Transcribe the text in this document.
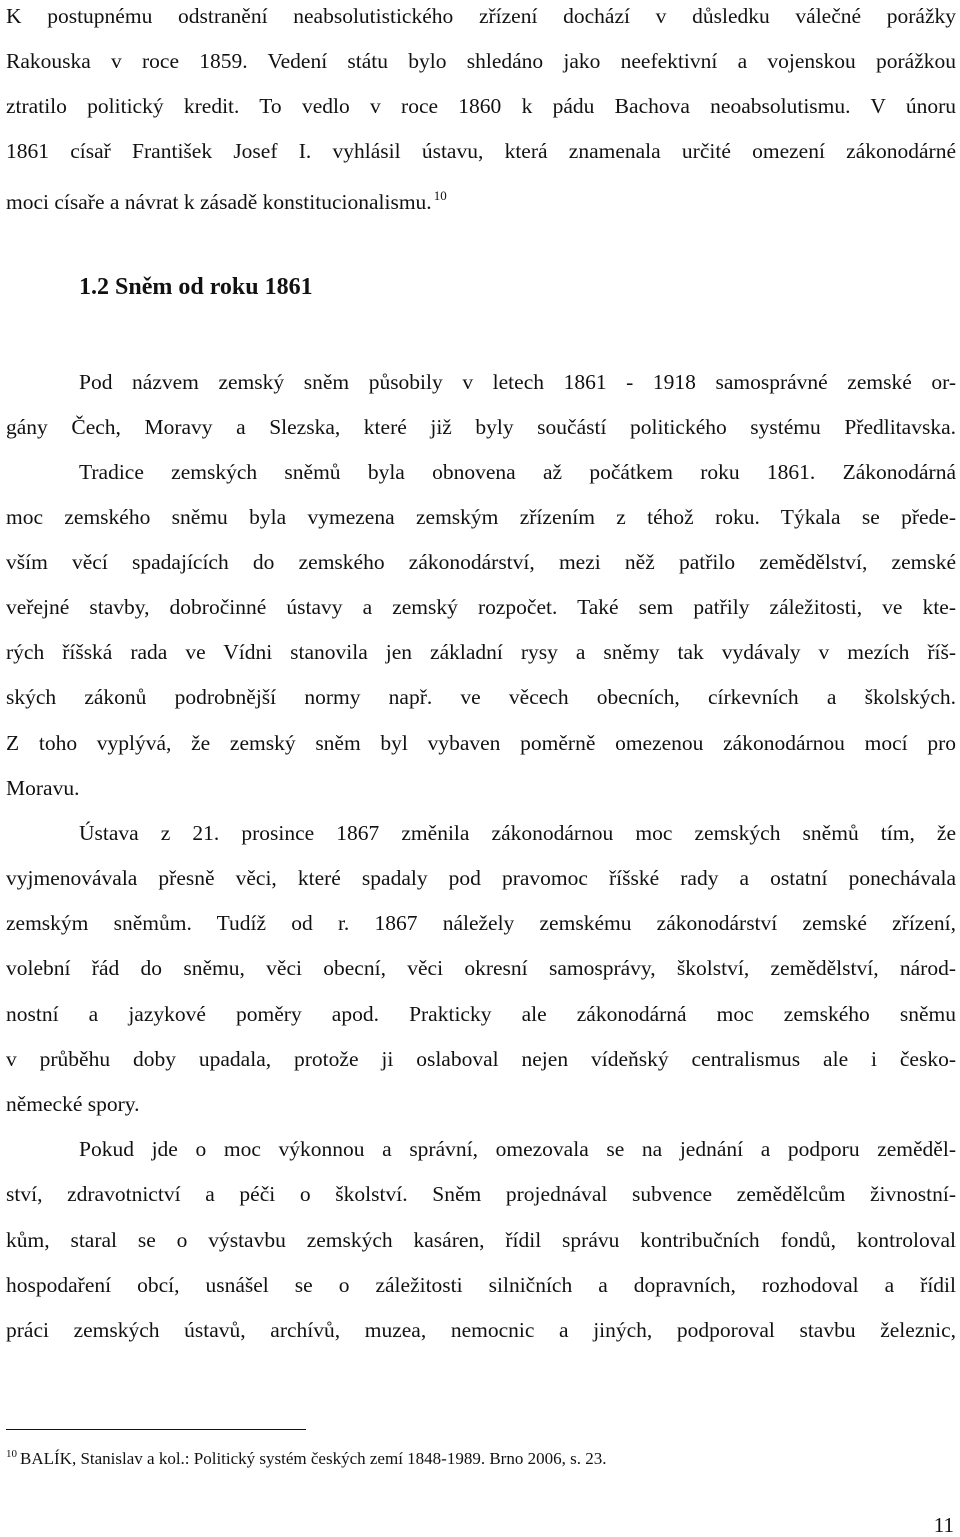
K postupnému odstranění neabsolutistického zřízení dochází v důsledku válečné porážky

Rakouska v roce 1859. Vedení státu bylo shledáno jako neefektivní a vojenskou porážkou

ztratilo politický kredit. To vedlo v roce 1860 k pádu Bachova neoabsolutismu. V únoru

1861 císař František Josef I. vyhlásil ústavu, která znamenala určité omezení zákonodárné

moci císaře a návrat k zásadě konstitucionalismu. $^{10}$

1.2 Sněm od roku 1861

Pod názvem zemský sněm působily v letech 1861 - 1918 samosprávné zemské or-

gány Čech, Moravy a Slezska, které již byly součástí politického systému Předlitavska.

Tradice zemských sněmů byla obnovena až počátkem roku 1861. Zákonodárná

moc zemského sněmu byla vymezena zemským zřízením z téhož roku. Týkala se přede-

vším věcí spadajících do zemského zákonodárství, mezi něž patřilo zemědělství, zemské

veřejné stavby, dobročinné ústavy a zemský rozpočet. Také sem patřily záležitosti, ve kte-

rých říšská rada ve Vídni stanovila jen základní rysy a sněmy tak vydávaly v mezích říš-

ských zákonů podrobnější normy např. ve věcech obecních, církevních a školských.

Z toho vyplývá, že zemský sněm byl vybaven poměrně omezenou zákonodárnou mocí pro

Moravu.

Ústava z 21. prosince 1867 změnila zákonodárnou moc zemských sněmů tím, že

vyjmenovávala přesně věci, které spadaly pod pravomoc říšské rady a ostatní ponechávala

zemským sněmům. Tudíž od r. 1867 náležely zemskému zákonodárství zemské zřízení,

volební řád do sněmu, věci obecní, věci okresní samosprávy, školství, zemědělství, národ-

nostní a jazykové poměry apod. Prakticky ale zákonodárná moc zemského sněmu

v průběhu doby upadala, protože ji oslaboval nejen vídeňský centralismus ale i česko-

německé spory.

Pokud jde o moc výkonnou a správní, omezovala se na jednání a podporu zeměděl-

ství, zdravotnictví a péči o školství. Sněm projednával subvence zemědělcům živnostní-

kům, staral se o výstavbu zemských kasáren, řídil správu kontribučních fondů, kontroloval

hospodaření obcí, usnášel se o záležitosti silničních a dopravních, rozhodoval a řídil

práci zemských ústavů, archívů, muzea, nemocnic a jiných, podporoval stavbu železnic,

$^{10}$ BALÍK, Stanislav a kol.: Politický systém českých zemí 1848-1989. Brno 2006, s. 23.

11
